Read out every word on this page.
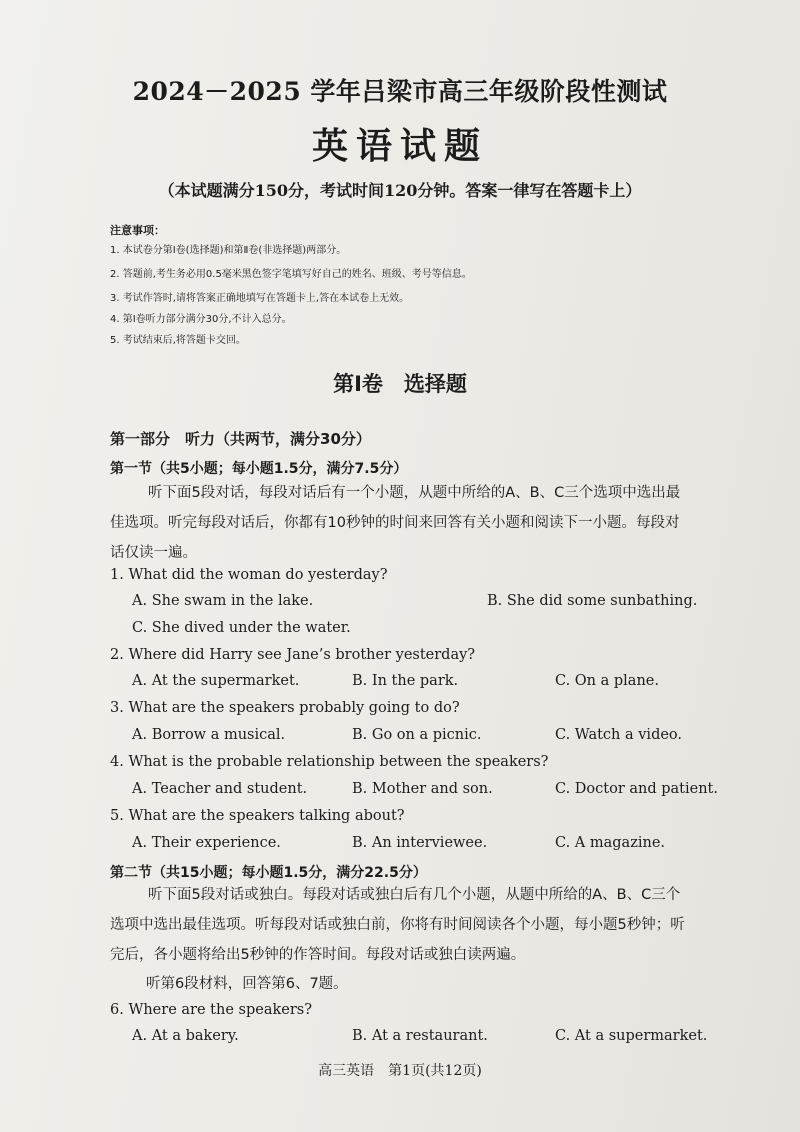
2024－2025 学年吕梁市高三年级阶段性测试
英语试题
（本试题满分150分，考试时间120分钟。答案一律写在答题卡上）
注意事项：
1. 本试卷分第Ⅰ卷(选择题)和第Ⅱ卷(非选择题)两部分。
2. 答题前,考生务必用0.5毫米黑色签字笔填写好自己的姓名、班级、考号等信息。
3. 考试作答时,请将答案正确地填写在答题卡上,答在本试卷上无效。
4. 第Ⅰ卷听力部分满分30分,不计入总分。
5. 考试结束后,将答题卡交回。
第Ⅰ卷　选择题
第一部分　听力（共两节，满分30分）
第一节（共5小题；每小题1.5分，满分7.5分）
听下面5段对话，每段对话后有一个小题，从题中所给的A、B、C三个选项中选出最佳选项。听完每段对话后，你都有10秒钟的时间来回答有关小题和阅读下一小题。每段对话仅读一遍。
1. What did the woman do yesterday?
A. She swam in the lake.	B. She did some sunbathing.
C. She dived under the water.
2. Where did Harry see Jane’s brother yesterday?
A. At the supermarket.	B. In the park.	C. On a plane.
3. What are the speakers probably going to do?
A. Borrow a musical.	B. Go on a picnic.	C. Watch a video.
4. What is the probable relationship between the speakers?
A. Teacher and student.	B. Mother and son.	C. Doctor and patient.
5. What are the speakers talking about?
A. Their experience.	B. An interviewee.	C. A magazine.
第二节（共15小题；每小题1.5分，满分22.5分）
听下面5段对话或独白。每段对话或独白后有几个小题，从题中所给的A、B、C三个选项中选出最佳选项。听每段对话或独白前，你将有时间阅读各个小题，每小题5秒钟；听完后，各小题将给出5秒钟的作答时间。每段对话或独白读两遍。
听第6段材料，回答第6、7题。
6. Where are the speakers?
A. At a bakery.	B. At a restaurant.	C. At a supermarket.
高三英语　第1页(共12页)
